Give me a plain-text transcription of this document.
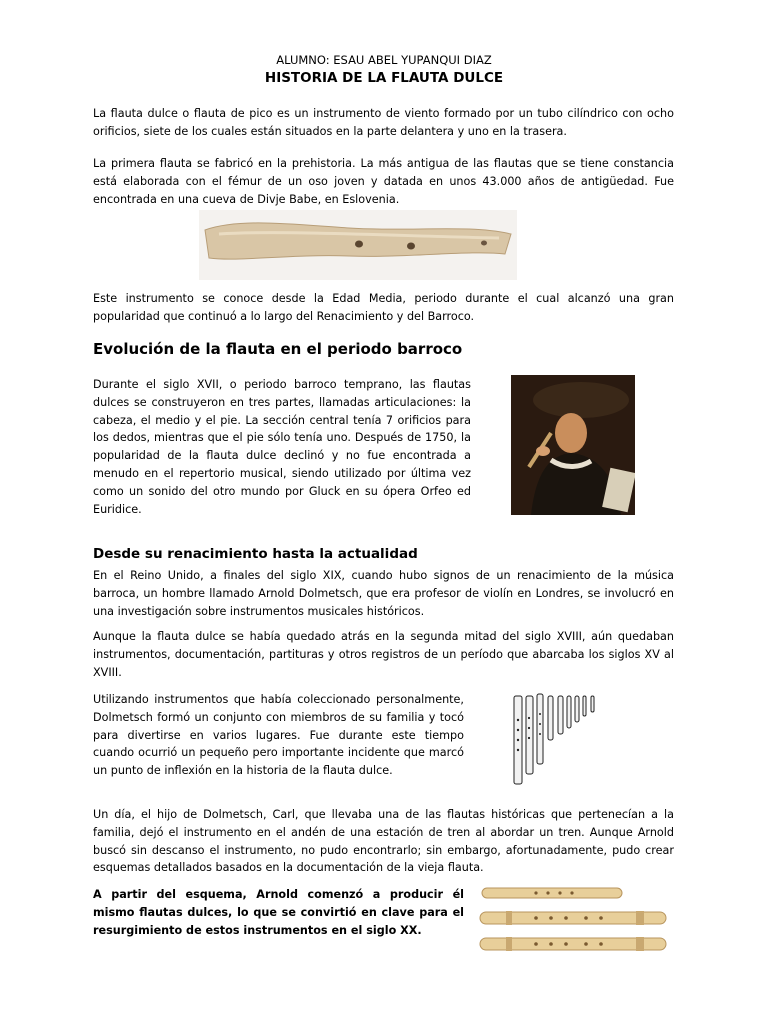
ALUMNO: ESAU ABEL YUPANQUI DIAZ
HISTORIA DE LA FLAUTA DULCE
La flauta dulce o flauta de pico es un instrumento de viento formado por un tubo cilíndrico con ocho orificios, siete de los cuales están situados en la parte delantera y uno en la trasera.
La primera flauta se fabricó en la prehistoria. La más antigua de las flautas que se tiene constancia está elaborada con el fémur de un oso joven y datada en unos 43.000 años de antigüedad. Fue encontrada en una cueva de Divje Babe, en Eslovenia.
Este instrumento se conoce desde la Edad Media, periodo durante el cual alcanzó una gran popularidad que continuó a lo largo del Renacimiento y del Barroco.
Evolución de la flauta en el periodo barroco
Durante el siglo XVII, o periodo barroco temprano, las flautas dulces se construyeron en tres partes, llamadas articulaciones: la cabeza, el medio y el pie. La sección central tenía 7 orificios para los dedos, mientras que el pie sólo tenía uno. Después de 1750, la popularidad de la flauta dulce declinó y no fue encontrada a menudo en el repertorio musical, siendo utilizado por última vez como un sonido del otro mundo por Gluck en su ópera Orfeo ed Euridice.
Desde su renacimiento hasta la actualidad
En el Reino Unido, a finales del siglo XIX, cuando hubo signos de un renacimiento de la música barroca, un hombre llamado Arnold Dolmetsch, que era profesor de violín en Londres, se involucró en una investigación sobre instrumentos musicales históricos.
Aunque la flauta dulce se había quedado atrás en la segunda mitad del siglo XVIII, aún quedaban instrumentos, documentación, partituras y otros registros de un período que abarcaba los siglos XV al XVIII.
Utilizando instrumentos que había coleccionado personalmente, Dolmetsch formó un conjunto con miembros de su familia y tocó para divertirse en varios lugares. Fue durante este tiempo cuando ocurrió un pequeño pero importante incidente que marcó un punto de inflexión en la historia de la flauta dulce.
Un día, el hijo de Dolmetsch, Carl, que llevaba una de las flautas históricas que pertenecían a la familia, dejó el instrumento en el andén de una estación de tren al abordar un tren. Aunque Arnold buscó sin descanso el instrumento, no pudo encontrarlo; sin embargo, afortunadamente, pudo crear esquemas detallados basados en la documentación de la vieja flauta.
A partir del esquema, Arnold comenzó a producir él mismo flautas dulces, lo que se convirtió en clave para el resurgimiento de estos instrumentos en el siglo XX.
